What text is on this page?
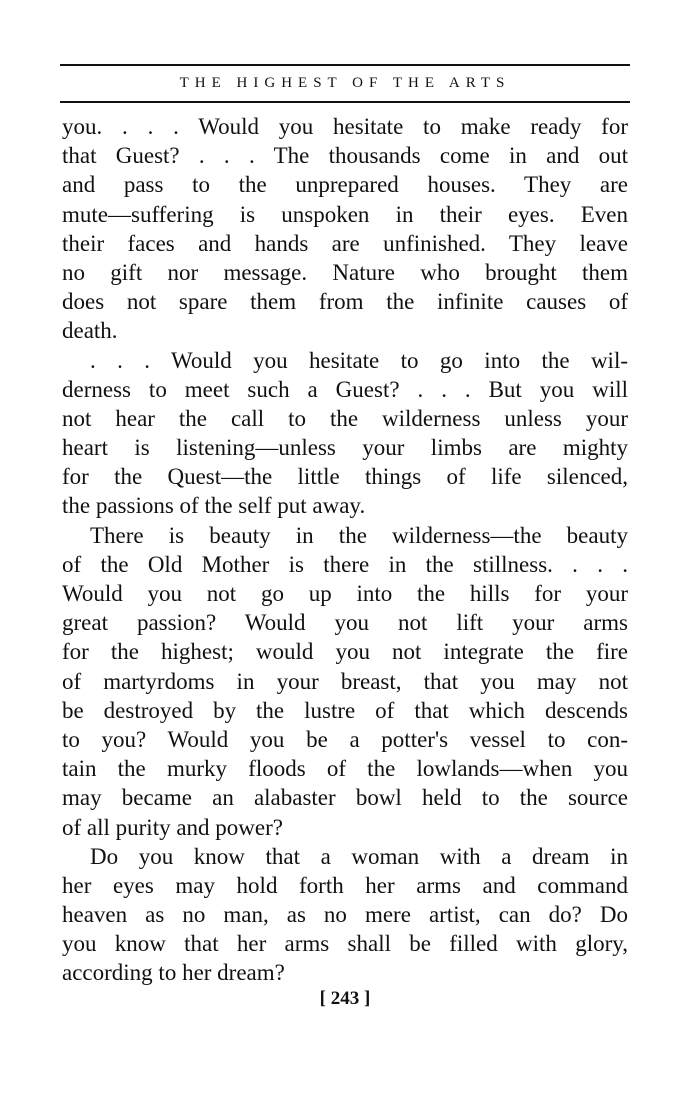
THE HIGHEST OF THE ARTS
you. . . . Would you hesitate to make ready for
that Guest? . . . The thousands come in and out
and pass to the unprepared houses. They are
mute—suffering is unspoken in their eyes. Even
their faces and hands are unfinished. They leave
no gift nor message. Nature who brought them
does not spare them from the infinite causes of
death.
. . . Would you hesitate to go into the wil-
derness to meet such a Guest? . . . But you will
not hear the call to the wilderness unless your
heart is listening—unless your limbs are mighty
for the Quest—the little things of life silenced,
the passions of the self put away.
There is beauty in the wilderness—the beauty
of the Old Mother is there in the stillness. . . .
Would you not go up into the hills for your
great passion? Would you not lift your arms
for the highest; would you not integrate the fire
of martyrdoms in your breast, that you may not
be destroyed by the lustre of that which descends
to you? Would you be a potter's vessel to con-
tain the murky floods of the lowlands—when you
may became an alabaster bowl held to the source
of all purity and power?
Do you know that a woman with a dream in
her eyes may hold forth her arms and command
heaven as no man, as no mere artist, can do? Do
you know that her arms shall be filled with glory,
according to her dream?
[ 243 ]
